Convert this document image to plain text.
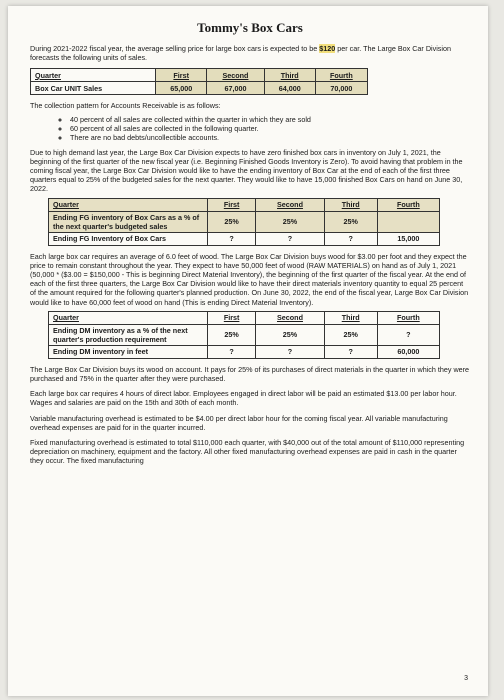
Tommy's Box Cars

During 2021-2022 fiscal year, the average selling price for large box cars is expected to be $120 per car. The Large Box Car Division forecasts the following units of sales.

Quarter	First	Second	Third	Fourth
Box Car UNIT Sales	65,000	67,000	64,000	70,000

The collection pattern for Accounts Receivable is as follows:

◦ 40 percent of all sales are collected within the quarter in which they are sold
◦ 60 percent of all sales are collected in the following quarter.
◦ There are no bad debts/uncollectible accounts.

Due to high demand last year, the Large Box Car Division expects to have zero finished box cars in inventory on July 1, 2021, the beginning of the first quarter of the new fiscal year (i.e. Beginning Finished Goods Inventory is Zero). To avoid having that problem in the coming fiscal year, the Large Box Car Division would like to have the ending inventory of Box Car at the end of each of the first three quarters equal to 25% of the budgeted sales for the next quarter. They would like to have 15,000 finished Box Cars on hand on June 30, 2022.

Quarter	First	Second	Third	Fourth
Ending FG inventory of Box Cars as a % of the next quarter's budgeted sales	25%	25%	25%	
Ending FG Inventory of Box Cars	?	?	?	15,000

Each large box car requires an average of 6.0 feet of wood. The Large Box Car Division buys wood for $3.00 per foot and they expect the price to remain constant throughout the year. They expect to have 50,000 feet of wood (RAW MATERIALS) on hand as of July 1, 2021 (50,000 * ($3.00 = $150,000 - This is beginning Direct Material Inventory), the beginning of the first quarter of the fiscal year. At the end of each of the first three quarters, the Large Box Car Division would like to have their direct materials inventory quantity to equal 25 percent of the amount required for the following quarter's planned production. On June 30, 2022, the end of the fiscal year, Large Box Car Division would like to have 60,000 feet of wood on hand (This is ending Direct Material Inventory).

Quarter	First	Second	Third	Fourth
Ending DM inventory as a % of the next quarter's production requirement	25%	25%	25%	?
Ending DM inventory in feet	?	?	?	60,000

The Large Box Car Division buys its wood on account. It pays for 25% of its purchases of direct materials in the quarter in which they were purchased and 75% in the quarter after they were purchased.

Each large box car requires 4 hours of direct labor. Employees engaged in direct labor will be paid an estimated $13.00 per labor hour. Wages and salaries are paid on the 15th and 30th of each month.

Variable manufacturing overhead is estimated to be $4.00 per direct labor hour for the coming fiscal year. All variable manufacturing overhead expenses are paid for in the quarter incurred.

Fixed manufacturing overhead is estimated to total $110,000 each quarter, with $40,000 out of the total amount of $110,000 representing depreciation on machinery, equipment and the factory. All other fixed manufacturing overhead expenses are paid in cash in the quarter they occur. The fixed manufacturing

3
